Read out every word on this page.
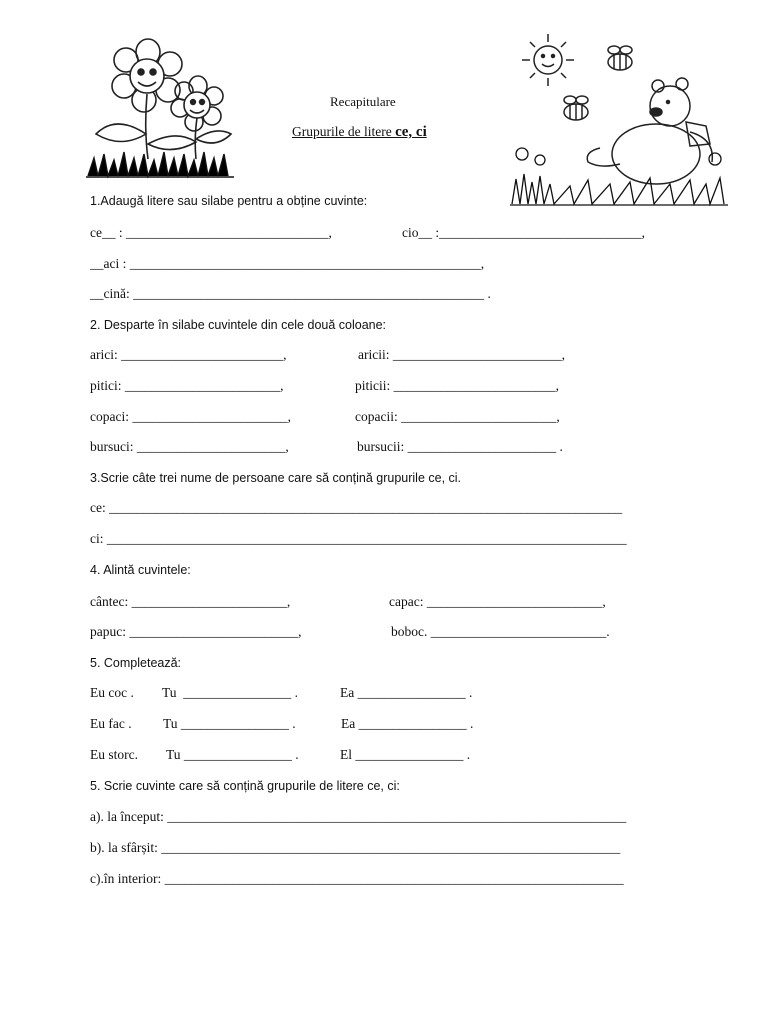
Recapitulare
Grupurile de litere ce, ci
1.Adaugă litere sau silabe pentru a obține cuvinte:
ce__ : ______________________________,	cio__ :______________________________,
__aci : ____________________________________________________,
__cină: ____________________________________________________ .
2. Desparte în silabe cuvintele din cele două coloane:
arici: ________________________,	aricii: _________________________,
pitici: _______________________,	piticii: ________________________,
copaci: _______________________,	copacii: _______________________,
bursuci: ______________________,	bursucii: ______________________ .
3.Scrie câte trei nume de persoane care să conțină grupurile ce, ci.
ce: ____________________________________________________________________________
ci: _____________________________________________________________________________
4. Alintă cuvintele:
cântec: _______________________,	capac: __________________________,
papuc: _________________________,	boboc. __________________________.
5. Completează:
Eu coc . Tu  ________________ .	Ea ________________ .
Eu fac . Tu ________________ .	Ea ________________ .
Eu storc. Tu ________________ .	El ________________ .
5. Scrie cuvinte care să conțină grupurile de litere ce, ci:
a). la început: ____________________________________________________________________
b). la sfârșit: ____________________________________________________________________
c).în interior: ____________________________________________________________________
